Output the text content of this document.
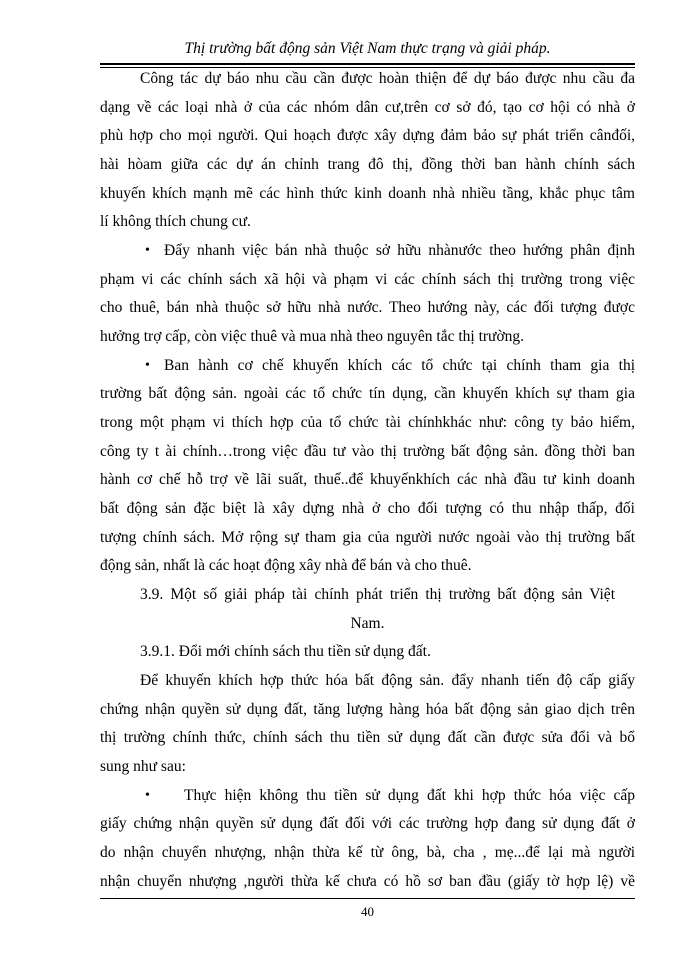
Thị trường bất động sản Việt Nam thực trạng và giải pháp.
Công tác dự báo nhu cầu cần được hoàn thiện để dự báo được nhu cầu đa
dạng về các loại nhà ở của các nhóm dân cư,trên cơ sở đó, tạo cơ hội có nhà ở
phù hợp cho mọi người. Qui hoạch được xây dựng đảm bảo sự phát triển cânđối,
hài hòam giữa các dự án chỉnh trang đô thị, đồng thời ban hành chính sách
khuyến khích mạnh mẽ các hình thức kinh doanh nhà nhiều tầng, khắc phục tâm
lí không thích chung cư.
• Đẩy nhanh việc bán nhà thuộc sở hữu nhànước theo hướng phân định
phạm vi các chính sách xã hội và phạm vi các chính sách thị trường trong việc
cho thuê, bán nhà thuộc sở hữu nhà nước. Theo hướng này, các đối tượng được
hưởng trợ cấp, còn việc thuê và mua nhà theo nguyên tắc thị trường.
• Ban hành cơ chế khuyến khích các tổ chức tại chính tham gia thị
trường bất động sản. ngoài các tổ chức tín dụng, cần khuyến khích sự tham gia
trong một phạm vi thích hợp của tổ chức tài chínhkhác như: công ty bảo hiểm,
công ty t ài chính…trong việc đầu tư vào thị trường bất động sản. đồng thời ban
hành cơ chế hỗ trợ về lãi suất, thuế..để khuyếnkhích các nhà đầu tư kinh doanh
bất động sản đặc biệt là xây dựng nhà ở cho đối tượng có thu nhập thấp, đối
tượng chính sách. Mở rộng sự tham gia của người nước ngoài vào thị trường bất
động sản, nhất là các hoạt động xây nhà để bán và cho thuê.
3.9. Một số giải pháp tài chính phát triển thị trường bất động sản Việt
Nam.
3.9.1. Đổi mới chính sách thu tiền sử dụng đất.
Để khuyến khích hợp thức hóa bất động sản. đẩy nhanh tiến độ cấp giấy
chứng nhận quyền sử dụng đất, tăng lượng hàng hóa bất động sản giao dịch trên
thị trường chính thức, chính sách thu tiền sử dụng đất cần được sửa đổi và bổ
sung như sau:
• Thực hiện không thu tiền sử dụng đất khi hợp thức hóa việc cấp
giấy chứng nhận quyền sử dụng đất đối với các trường hợp đang sử dụng đất ở
do nhận chuyển nhượng, nhận thừa kế từ ông, bà, cha , mẹ...để lại mà người
nhận chuyển nhượng ,người thừa kế chưa có hồ sơ ban đầu (giấy tờ hợp lệ) về
40
